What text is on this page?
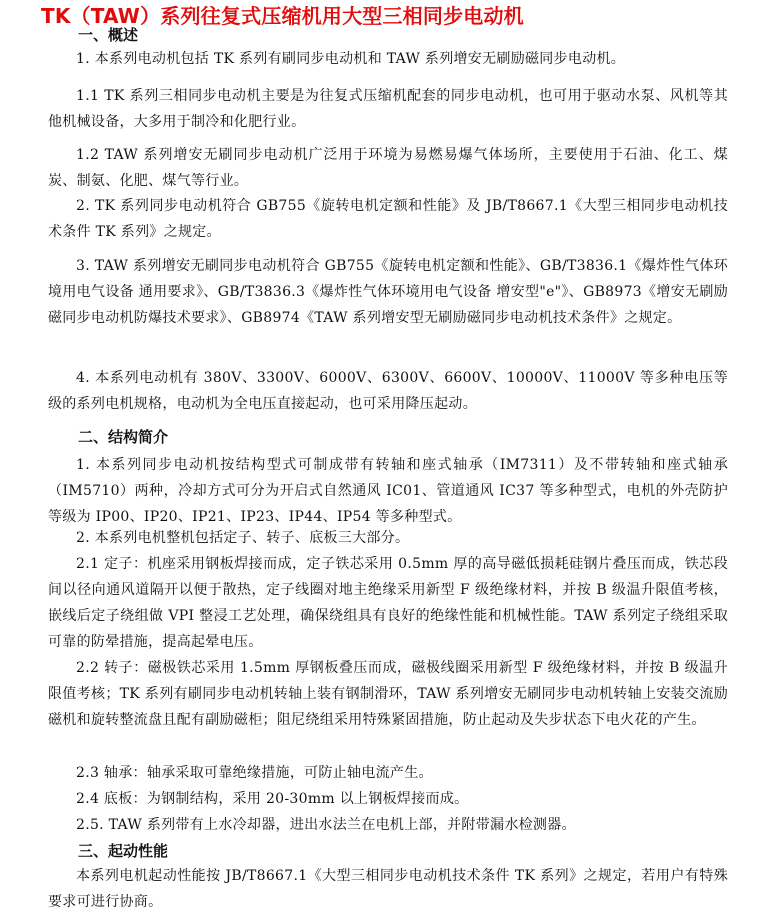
TK（TAW）系列往复式压缩机用大型三相同步电动机
一、概述
1. 本系列电动机包括 TK 系列有刷同步电动机和 TAW 系列增安无刷励磁同步电动机。
1.1 TK 系列三相同步电动机主要是为往复式压缩机配套的同步电动机，也可用于驱动水泵、风机等其他机械设备，大多用于制冷和化肥行业。
1.2 TAW 系列增安无刷同步电动机广泛用于环境为易燃易爆气体场所，主要使用于石油、化工、煤炭、制氨、化肥、煤气等行业。
2. TK 系列同步电动机符合 GB755《旋转电机定额和性能》及 JB/T8667.1《大型三相同步电动机技术条件 TK 系列》之规定。
3. TAW 系列增安无刷同步电动机符合 GB755《旋转电机定额和性能》、GB/T3836.1《爆炸性气体环境用电气设备 通用要求》、GB/T3836.3《爆炸性气体环境用电气设备 增安型"e"》、GB8973《增安无刷励磁同步电动机防爆技术要求》、GB8974《TAW 系列增安型无刷励磁同步电动机技术条件》之规定。
4. 本系列电动机有 380V、3300V、6000V、6300V、6600V、10000V、11000V 等多种电压等级的系列电机规格，电动机为全电压直接起动，也可采用降压起动。
二、结构简介
1. 本系列同步电动机按结构型式可制成带有转轴和座式轴承（IM7311）及不带转轴和座式轴承（IM5710）两种，冷却方式可分为开启式自然通风 IC01、管道通风 IC37 等多种型式，电机的外壳防护等级为 IP00、IP20、IP21、IP23、IP44、IP54 等多种型式。
2. 本系列电机整机包括定子、转子、底板三大部分。
2.1 定子：机座采用钢板焊接而成，定子铁芯采用 0.5mm 厚的高导磁低损耗硅钢片叠压而成，铁芯段间以径向通风道隔开以便于散热，定子线圈对地主绝缘采用新型 F 级绝缘材料，并按 B 级温升限值考核，嵌线后定子绕组做 VPI 整浸工艺处理，确保绕组具有良好的绝缘性能和机械性能。TAW 系列定子绕组采取可靠的防晕措施，提高起晕电压。
2.2 转子：磁极铁芯采用 1.5mm 厚钢板叠压而成，磁极线圈采用新型 F 级绝缘材料，并按 B 级温升限值考核；TK 系列有刷同步电动机转轴上装有钢制滑环，TAW 系列增安无刷同步电动机转轴上安装交流励磁机和旋转整流盘且配有副励磁柜；阻尼绕组采用特殊紧固措施，防止起动及失步状态下电火花的产生。
2.3 轴承：轴承采取可靠绝缘措施，可防止轴电流产生。
2.4 底板：为钢制结构，采用 20-30mm 以上钢板焊接而成。
2.5. TAW 系列带有上水冷却器，进出水法兰在电机上部，并附带漏水检测器。
三、起动性能
本系列电机起动性能按 JB/T8667.1《大型三相同步电动机技术条件 TK 系列》之规定，若用户有特殊要求可进行协商。
